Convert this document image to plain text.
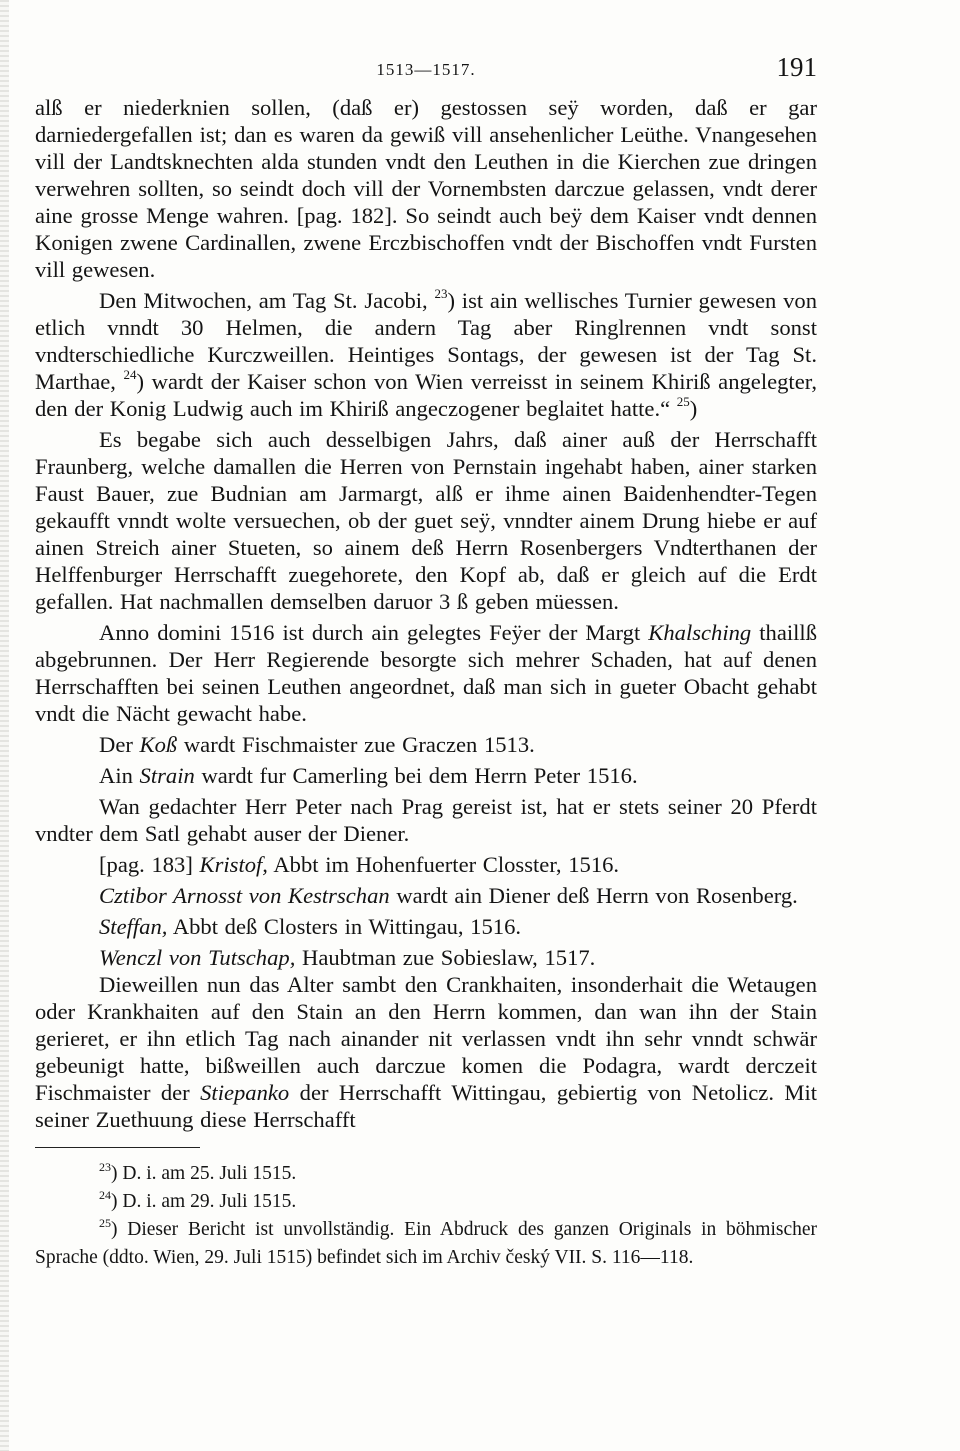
1513—1517.	191

alß er niederknien sollen, (daß er) gestossen seÿ worden, daß er gar darniedergefallen ist; dan es waren da gewiß vill ansehenlicher Leüthe. Vnangesehen vill der Landtsknechten alda stunden vndt den Leuthen in die Kierchen zue dringen verwehren sollten, so seindt doch vill der Vornembsten darczue gelassen, vndt derer aine grosse Menge wahren. [pag. 182]. So seindt auch beÿ dem Kaiser vndt dennen Konigen zwene Cardinallen, zwene Erczbischoffen vndt der Bischoffen vndt Fursten vill gewesen.

Den Mitwochen, am Tag St. Jacobi, $^{23}$) ist ain wellisches Turnier gewesen von etlich vnndt 30 Helmen, die andern Tag aber Ringlrennen vndt sonst vndterschiedliche Kurczweillen. Heintiges Sontags, der gewesen ist der Tag St. Marthae, $^{24}$) wardt der Kaiser schon von Wien verreisst in seinem Khiriß angelegter, den der Konig Ludwig auch im Khiriß angeczogener beglaitet hatte.“ $^{25}$)

Es begabe sich auch desselbigen Jahrs, daß ainer auß der Herrschafft Fraunberg, welche damallen die Herren von Pernstain ingehabt haben, ainer starken Faust Bauer, zue Budnian am Jarmargt, alß er ihme ainen Baidenhendter-Tegen gekaufft vnndt wolte versuechen, ob der guet seÿ, vnndter ainem Drung hiebe er auf ainen Streich ainer Stueten, so ainem deß Herrn Rosenbergers Vndterthanen der Helffenburger Herrschafft zuegehorete, den Kopf ab, daß er gleich auf die Erdt gefallen. Hat nachmallen demselben daruor 3 ß geben müessen.

Anno domini 1516 ist durch ain gelegtes Feÿer der Margt Khalsching thaillß abgebrunnen. Der Herr Regierende besorgte sich mehrer Schaden, hat auf denen Herrschafften bei seinen Leuthen angeordnet, daß man sich in gueter Obacht gehabt vndt die Nächt gewacht habe.

Der Koß wardt Fischmaister zue Graczen 1513.

Ain Strain wardt fur Camerling bei dem Herrn Peter 1516.

Wan gedachter Herr Peter nach Prag gereist ist, hat er stets seiner 20 Pferdt vndter dem Satl gehabt auser der Diener.

[pag. 183] Kristof, Abbt im Hohenfuerter Closster, 1516.

Cztibor Arnosst von Kestrschan wardt ain Diener deß Herrn von Rosenberg.

Steffan, Abbt deß Closters in Wittingau, 1516.

Wenczl von Tutschap, Haubtman zue Sobieslaw, 1517.

Dieweillen nun das Alter sambt den Crankhaiten, insonderhait die Wetaugen oder Krankhaiten auf den Stain an den Herrn kommen, dan wan ihn der Stain gerieret, er ihn etlich Tag nach ainander nit verlassen vndt ihn sehr vnndt schwär gebeunigt hatte, bißweillen auch darczue komen die Podagra, wardt derczeit Fischmaister der Stiepanko der Herrschafft Wittingau, gebiertig von Netolicz. Mit seiner Zuethuung diese Herrschafft

$^{23}$) D. i. am 25. Juli 1515.

$^{24}$) D. i. am 29. Juli 1515.

$^{25}$) Dieser Bericht ist unvollständig. Ein Abdruck des ganzen Originals in böhmischer Sprache (ddto. Wien, 29. Juli 1515) befindet sich im Archiv český VII. S. 116—118.
